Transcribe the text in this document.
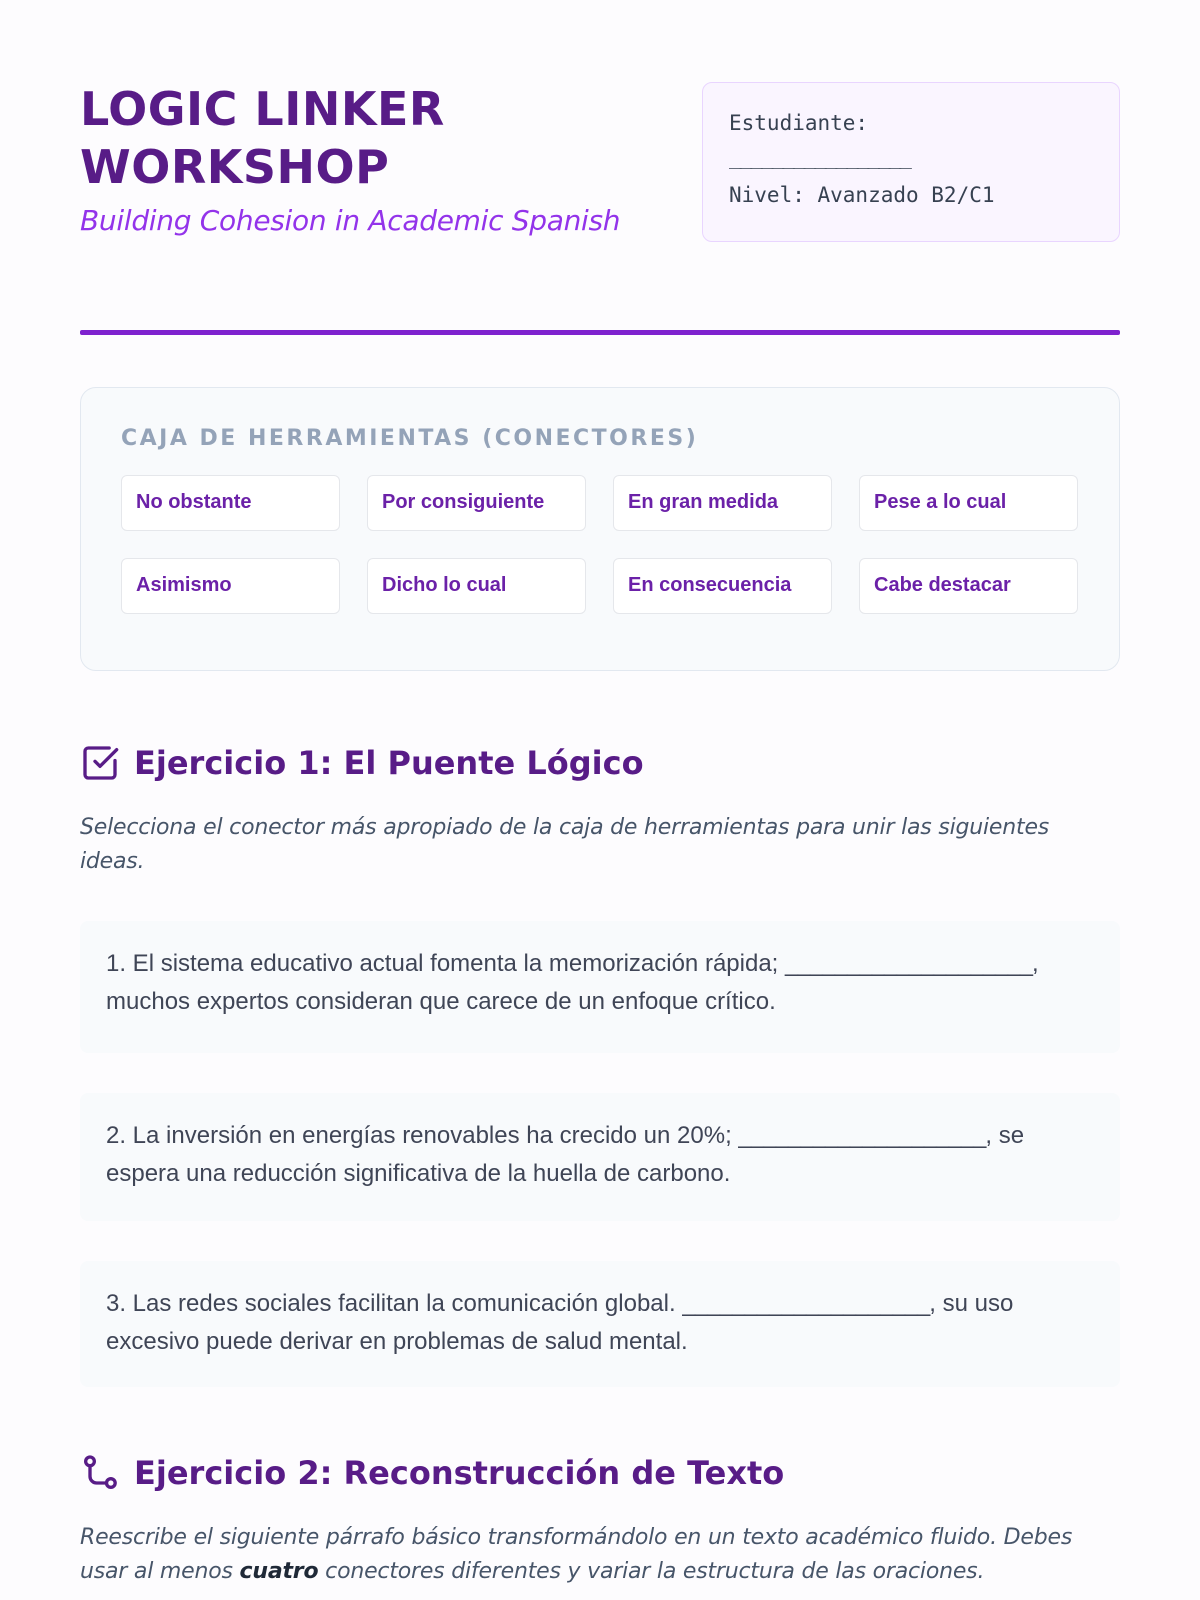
LOGIC LINKER
WORKSHOP

Building Cohesion in Academic Spanish

Estudiante:
_________________
Nivel: Avanzado B2/C1
CAJA DE HERRAMIENTAS (CONECTORES)
No obstante	Por consiguiente	En gran medida	Pese a lo cual
Asimismo	Dicho lo cual	En consecuencia	Cabe destacar
Ejercicio 1: El Puente Lógico

Selecciona el conector más apropiado de la caja de herramientas para unir las siguientes ideas.

1. El sistema educativo actual fomenta la memorización rápida; ____________________, muchos expertos consideran que carece de un enfoque crítico.
2. La inversión en energías renovables ha crecido un 20%; ____________________, se espera una reducción significativa de la huella de carbono.
3. Las redes sociales facilitan la comunicación global. ____________________, su uso excesivo puede derivar en problemas de salud mental.
Ejercicio 2: Reconstrucción de Texto

Reescribe el siguiente párrafo básico transformándolo en un texto académico fluido. Debes usar al menos cuatro conectores diferentes y variar la estructura de las oraciones.
